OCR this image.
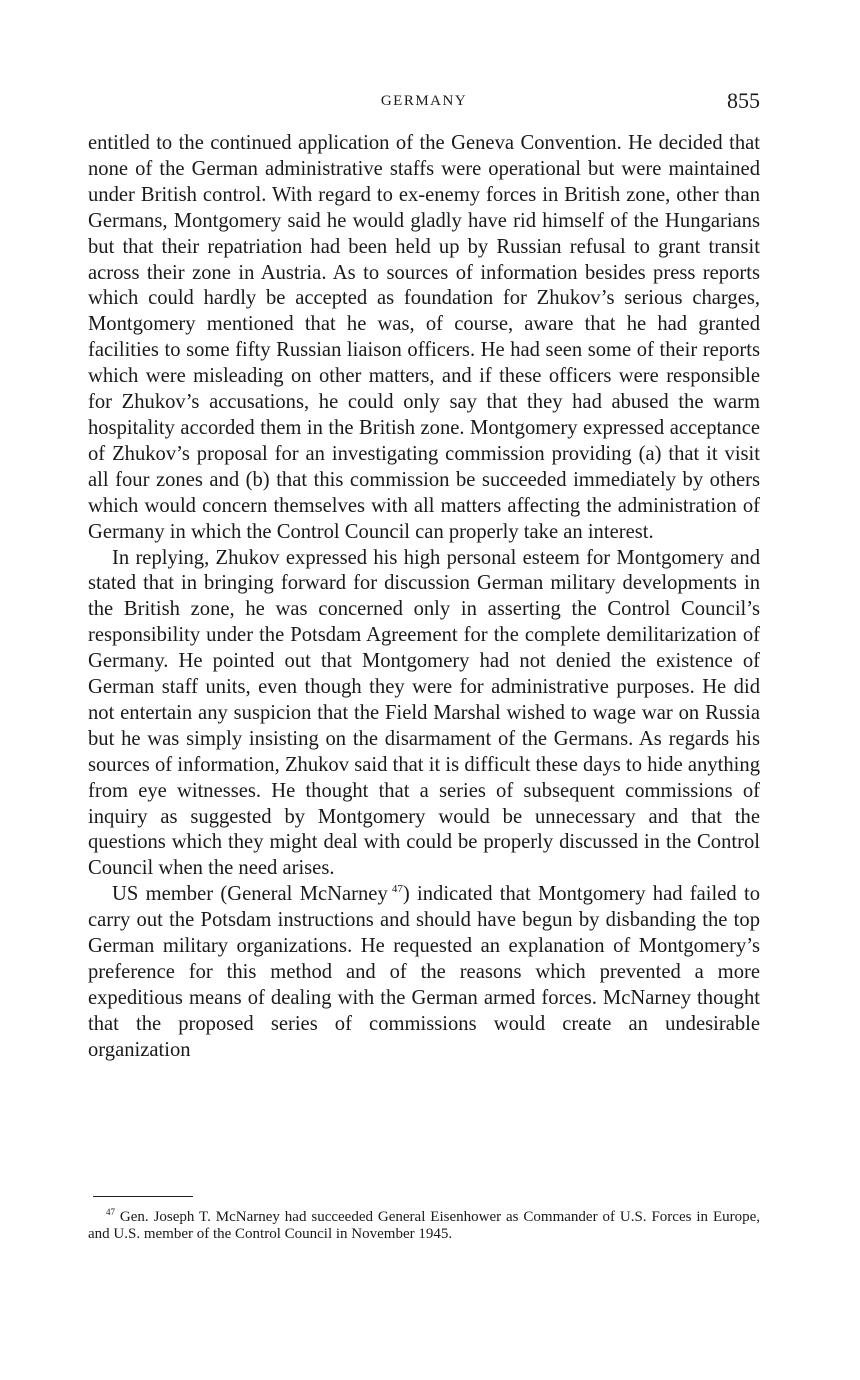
GERMANY	855

entitled to the continued application of the Geneva Convention. He decided that none of the German administrative staffs were operational but were maintained under British control. With regard to ex-enemy forces in British zone, other than Germans, Montgomery said he would gladly have rid himself of the Hungarians but that their repatriation had been held up by Russian refusal to grant transit across their zone in Austria. As to sources of information besides press reports which could hardly be accepted as foundation for Zhukov’s serious charges, Montgomery mentioned that he was, of course, aware that he had granted facilities to some fifty Russian liaison officers. He had seen some of their reports which were misleading on other matters, and if these officers were responsible for Zhukov’s accusations, he could only say that they had abused the warm hospitality accorded them in the British zone. Montgomery expressed acceptance of Zhukov’s proposal for an investigating commission providing (a) that it visit all four zones and (b) that this commission be succeeded immediately by others which would concern themselves with all matters affecting the administration of Germany in which the Control Council can properly take an interest.

In replying, Zhukov expressed his high personal esteem for Montgomery and stated that in bringing forward for discussion German military developments in the British zone, he was concerned only in asserting the Control Council’s responsibility under the Potsdam Agreement for the complete demilitarization of Germany. He pointed out that Montgomery had not denied the existence of German staff units, even though they were for administrative purposes. He did not entertain any suspicion that the Field Marshal wished to wage war on Russia but he was simply insisting on the disarmament of the Germans. As regards his sources of information, Zhukov said that it is difficult these days to hide anything from eye witnesses. He thought that a series of subsequent commissions of inquiry as suggested by Montgomery would be unnecessary and that the questions which they might deal with could be properly discussed in the Control Council when the need arises.

US member (General McNarney  $^{47}$) indicated that Montgomery had failed to carry out the Potsdam instructions and should have begun by disbanding the top German military organizations. He requested an explanation of Montgomery’s preference for this method and of the reasons which prevented a more expeditious means of dealing with the German armed forces. McNarney thought that the proposed series of commissions would create an undesirable organization

$^{47}$ Gen. Joseph T. McNarney had succeeded General Eisenhower as Commander of U.S. Forces in Europe, and U.S. member of the Control Council in November 1945.
